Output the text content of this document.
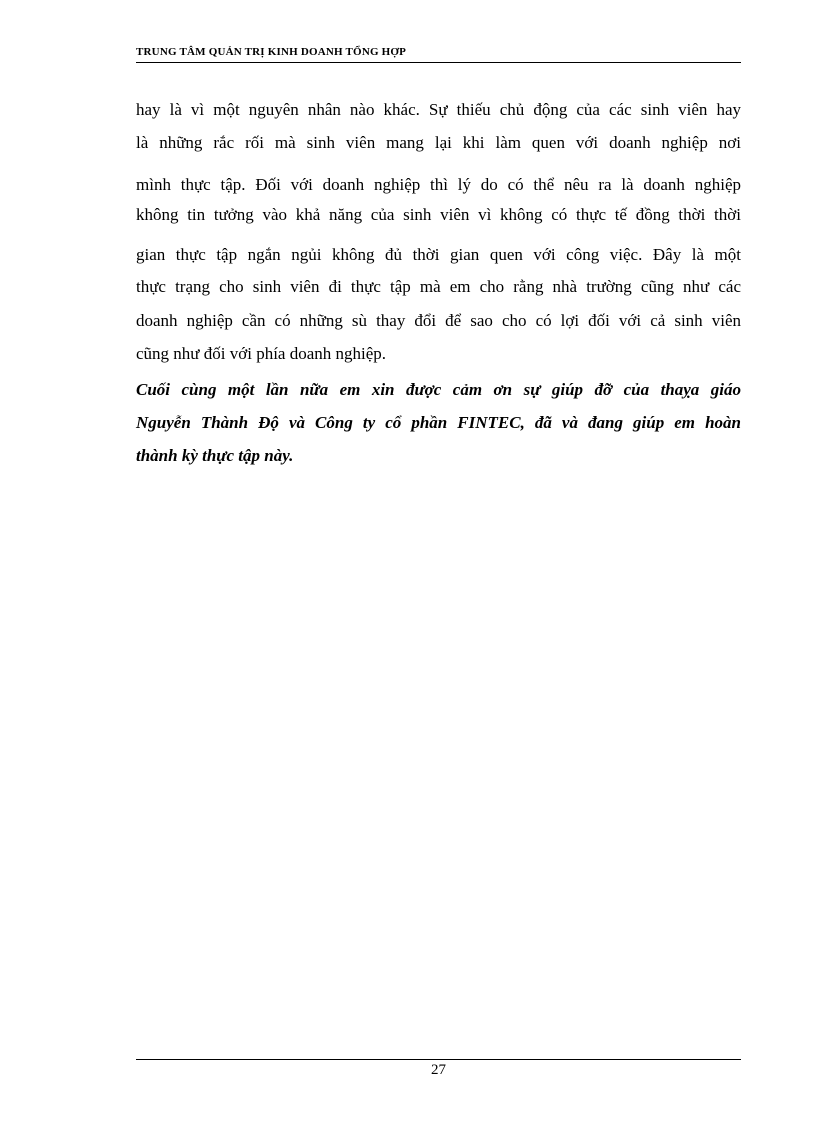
TRUNG TÂM QUẢN TRỊ KINH DOANH TỔNG HỢP
hay là vì một nguyên nhân nào khác. Sự thiếu chủ động của các sinh viên hay
là những rắc rối mà sinh viên mang lại khi làm quen với doanh nghiệp nơi
mình thực tập. Đối với doanh nghiệp thì lý do có thể nêu ra là doanh nghiệp
không tin tưởng vào khả năng của sinh viên vì không có thực tế đồng thời thời
gian thực tập ngắn ngủi không đủ thời gian quen với công việc. Đây là một
thực trạng cho sinh viên đi thực tập mà em cho rằng nhà trường cũng như các
doanh nghiệp cần có những sù thay đổi để sao cho có lợi đối với cả sinh viên
cũng như đối với phía doanh nghiệp.
Cuối cùng một lần nữa em xin được cảm ơn sự giúp đỡ của thaỵa giáo
Nguyễn Thành Độ và Công ty cổ phần FINTEC, đã và đang giúp em hoàn
thành kỳ thực tập này.
27
